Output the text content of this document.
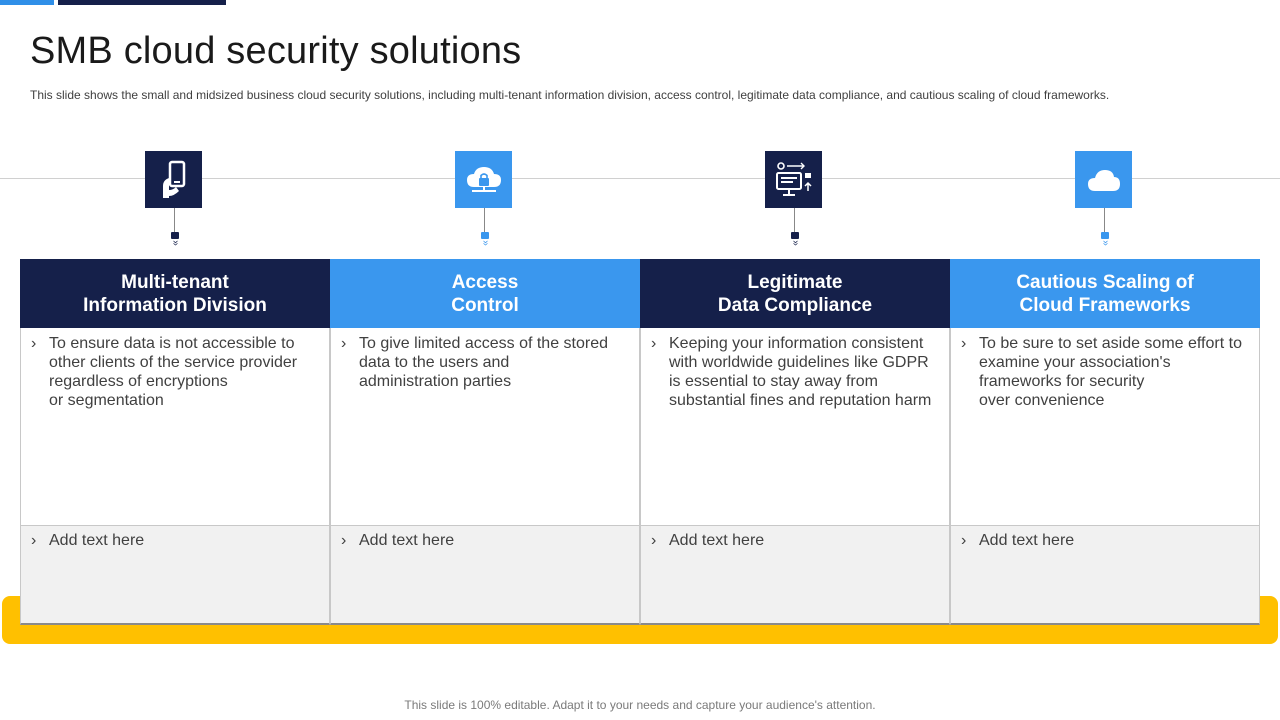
SMB cloud security solutions

This slide shows the small and midsized business cloud security solutions, including multi-tenant information division, access control, legitimate data compliance, and cautious scaling of cloud frameworks.

»
Multi-tenant
Information Division
› To ensure data is not accessible to
other clients of the service provider
regardless of encryptions
or segmentation
› Add text here
»
Access
Control
› To give limited access of the stored
data to the users and
administration parties
› Add text here
»
Legitimate
Data Compliance
› Keeping your information consistent
with worldwide guidelines like GDPR
is essential to stay away from
substantial fines and reputation harm
› Add text here
»
Cautious Scaling of
Cloud Frameworks
› To be sure to set aside some effort to
examine your association's
frameworks for security
over convenience
› Add text here

This slide is 100% editable. Adapt it to your needs and capture your audience's attention.
